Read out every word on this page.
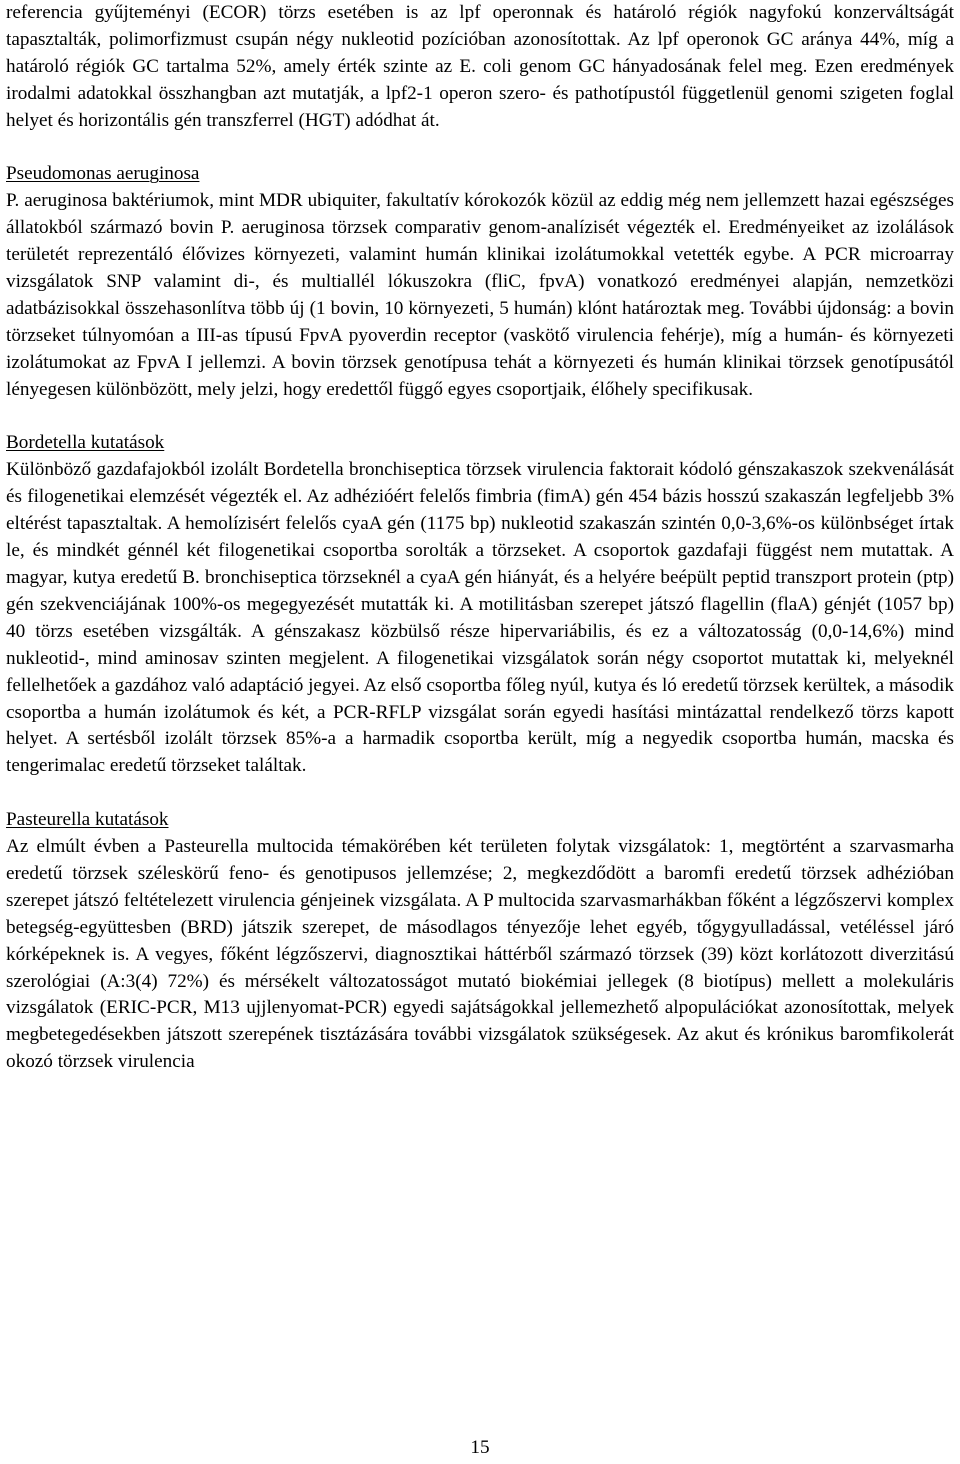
referencia gyűjteményi (ECOR) törzs esetében is az lpf operonnak és határoló régiók nagyfokú konzerváltságát tapasztalták, polimorfizmust csupán négy nukleotid pozícióban azonosítottak. Az lpf operonok GC aránya 44%, míg a határoló régiók GC tartalma 52%, amely érték szinte az E. coli genom GC hányadosának felel meg. Ezen eredmények irodalmi adatokkal összhangban azt mutatják, a lpf2-1 operon szero- és pathotípustól függetlenül genomi szigeten foglal helyet és horizontális gén transzferrel (HGT) adódhat át.

Pseudomonas aeruginosa

P. aeruginosa baktériumok, mint MDR ubiquiter, fakultatív kórokozók közül az eddig még nem jellemzett hazai egészséges állatokból származó bovin P. aeruginosa törzsek comparativ genom-analízisét végezték el. Eredményeiket az izolálások területét reprezentáló élővizes környezeti, valamint humán klinikai izolátumokkal vetették egybe. A PCR microarray vizsgálatok SNP valamint di-, és multiallél lókuszokra (fliC, fpvA) vonatkozó eredményei alapján, nemzetközi adatbázisokkal összehasonlítva több új (1 bovin, 10 környezeti, 5 humán) klónt határoztak meg. További újdonság: a bovin törzseket túlnyomóan a III-as típusú FpvA pyoverdin receptor (vaskötő virulencia fehérje), míg a humán- és környezeti izolátumokat az FpvA I jellemzi. A bovin törzsek genotípusa tehát a környezeti és humán klinikai törzsek genotípusától lényegesen különbözött, mely jelzi, hogy eredettől függő egyes csoportjaik, élőhely specifikusak.

Bordetella kutatások

Különböző gazdafajokból izolált Bordetella bronchiseptica törzsek virulencia faktorait kódoló génszakaszok szekvenálását és filogenetikai elemzését végezték el. Az adhézióért felelős fimbria (fimA) gén 454 bázis hosszú szakaszán legfeljebb 3% eltérést tapasztaltak. A hemolízisért felelős cyaA gén (1175 bp) nukleotid szakaszán szintén 0,0-3,6%-os különbséget írtak le, és mindkét génnél két filogenetikai csoportba sorolták a törzseket. A csoportok gazdafaji függést nem mutattak. A magyar, kutya eredetű B. bronchiseptica törzseknél a cyaA gén hiányát, és a helyére beépült peptid transzport protein (ptp) gén szekvenciájának 100%-os megegyezését mutatták ki. A motilitásban szerepet játszó flagellin (flaA) génjét (1057 bp) 40 törzs esetében vizsgálták. A génszakasz közbülső része hipervariábilis, és ez a változatosság (0,0-14,6%) mind nukleotid-, mind aminosav szinten megjelent. A filogenetikai vizsgálatok során négy csoportot mutattak ki, melyeknél fellelhetőek a gazdához való adaptáció jegyei. Az első csoportba főleg nyúl, kutya és ló eredetű törzsek kerültek, a második csoportba a humán izolátumok és két, a PCR-RFLP vizsgálat során egyedi hasítási mintázattal rendelkező törzs kapott helyet. A sertésből izolált törzsek 85%-a a harmadik csoportba került, míg a negyedik csoportba humán, macska és tengerimalac eredetű törzseket találtak.

Pasteurella kutatások

Az elmúlt évben a Pasteurella multocida témakörében két területen folytak vizsgálatok: 1, megtörtént a szarvasmarha eredetű törzsek széleskörű feno- és genotipusos jellemzése; 2, megkezdődött a baromfi eredetű törzsek adhézióban szerepet játszó feltételezett virulencia génjeinek vizsgálata. A P multocida szarvasmarhákban főként a légzőszervi komplex betegség-együttesben (BRD) játszik szerepet, de másodlagos tényezője lehet egyéb, tőgygyulladással, vetéléssel járó kórképeknek is. A vegyes, főként légzőszervi, diagnosztikai háttérből származó törzsek (39) közt korlátozott diverzitású szerológiai (A:3(4) 72%) és mérsékelt változatosságot mutató biokémiai jellegek (8 biotípus) mellett a molekuláris vizsgálatok (ERIC-PCR, M13 ujjlenyomat-PCR) egyedi sajátságokkal jellemezhető alpopulációkat azonosítottak, melyek megbetegedésekben játszott szerepének tisztázására további vizsgálatok szükségesek. Az akut és krónikus baromfikolerát okozó törzsek virulencia

15
